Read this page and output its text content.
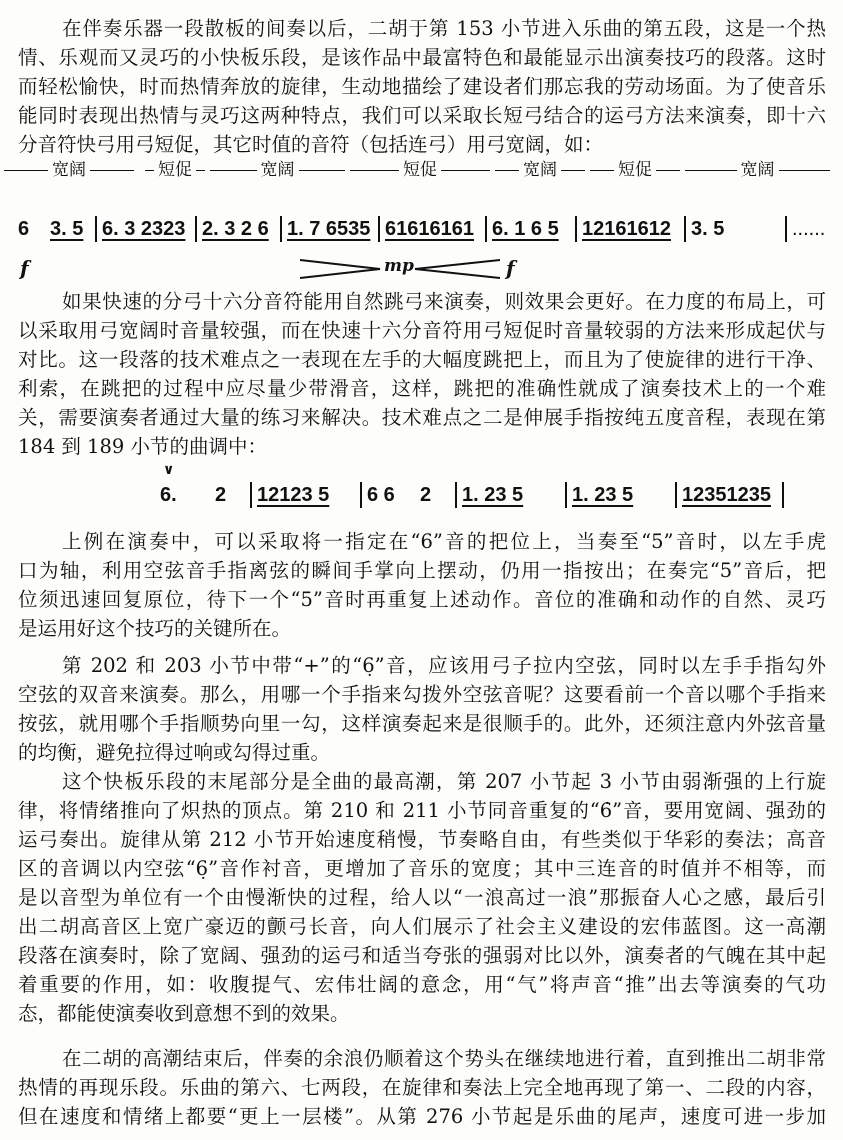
在伴奏乐器一段散板的间奏以后，二胡于第 153 小节进入乐曲的第五段，这是一个热
情、乐观而又灵巧的小快板乐段，是该作品中最富特色和最能显示出演奏技巧的段落。这时
而轻松愉快，时而热情奔放的旋律，生动地描绘了建设者们那忘我的劳动场面。为了使音乐
能同时表现出热情与灵巧这两种特点，我们可以采取长短弓结合的运弓方法来演奏，即十六
分音符快弓用弓短促，其它时值的音符（包括连弓）用弓宽阔，如：
如果快速的分弓十六分音符能用自然跳弓来演奏，则效果会更好。在力度的布局上，可
以采取用弓宽阔时音量较强，而在快速十六分音符用弓短促时音量较弱的方法来形成起伏与
对比。这一段落的技术难点之一表现在左手的大幅度跳把上，而且为了使旋律的进行干净、
利索，在跳把的过程中应尽量少带滑音，这样，跳把的准确性就成了演奏技术上的一个难
关，需要演奏者通过大量的练习来解决。技术难点之二是伸展手指按纯五度音程，表现在第
184 到 189 小节的曲调中：
上例在演奏中，可以采取将一指定在“6”音的把位上，当奏至“5”音时，以左手虎
口为轴，利用空弦音手指离弦的瞬间手掌向上摆动，仍用一指按出；在奏完“5”音后，把
位须迅速回复原位，待下一个“5”音时再重复上述动作。音位的准确和动作的自然、灵巧
是运用好这个技巧的关键所在。
第 202 和 203 小节中带“+”的“6̣”音，应该用弓子拉内空弦，同时以左手手指勾外
空弦的双音来演奏。那么，用哪一个手指来勾拨外空弦音呢？这要看前一个音以哪个手指来
按弦，就用哪个手指顺势向里一勾，这样演奏起来是很顺手的。此外，还须注意内外弦音量
的均衡，避免拉得过响或勾得过重。
这个快板乐段的末尾部分是全曲的最高潮，第 207 小节起 3 小节由弱渐强的上行旋
律，将情绪推向了炽热的顶点。第 210 和 211 小节同音重复的“6̇”音，要用宽阔、强劲的
运弓奏出。旋律从第 212 小节开始速度稍慢，节奏略自由，有些类似于华彩的奏法；高音
区的音调以内空弦“6̣”音作衬音，更增加了音乐的宽度；其中三连音的时值并不相等，而
是以音型为单位有一个由慢渐快的过程，给人以“一浪高过一浪”那振奋人心之感，最后引
出二胡高音区上宽广豪迈的颤弓长音，向人们展示了社会主义建设的宏伟蓝图。这一高潮
段落在演奏时，除了宽阔、强劲的运弓和适当夸张的强弱对比以外，演奏者的气魄在其中起
着重要的作用，如：收腹提气、宏伟壮阔的意念，用“气”将声音“推”出去等演奏的气功
态，都能使演奏收到意想不到的效果。
在二胡的高潮结束后，伴奏的余浪仍顺着这个势头在继续地进行着，直到推出二胡非常
热情的再现乐段。乐曲的第六、七两段，在旋律和奏法上完全地再现了第一、二段的内容，
但在速度和情绪上都要“更上一层楼”。从第 276 小节起是乐曲的尾声，速度可进一步加
宽阔	短促	宽阔	短促	宽阔	短促	宽阔
6 3. 5 6. 3 2323 2. 3 2 6 1. 7 6535 61616161 6. 1 6 5	12161612	3. 5	......
f	mp	f
∨
6. 2	12123 5	6 6 2	1. 23 5	1. 23 5	12351235
